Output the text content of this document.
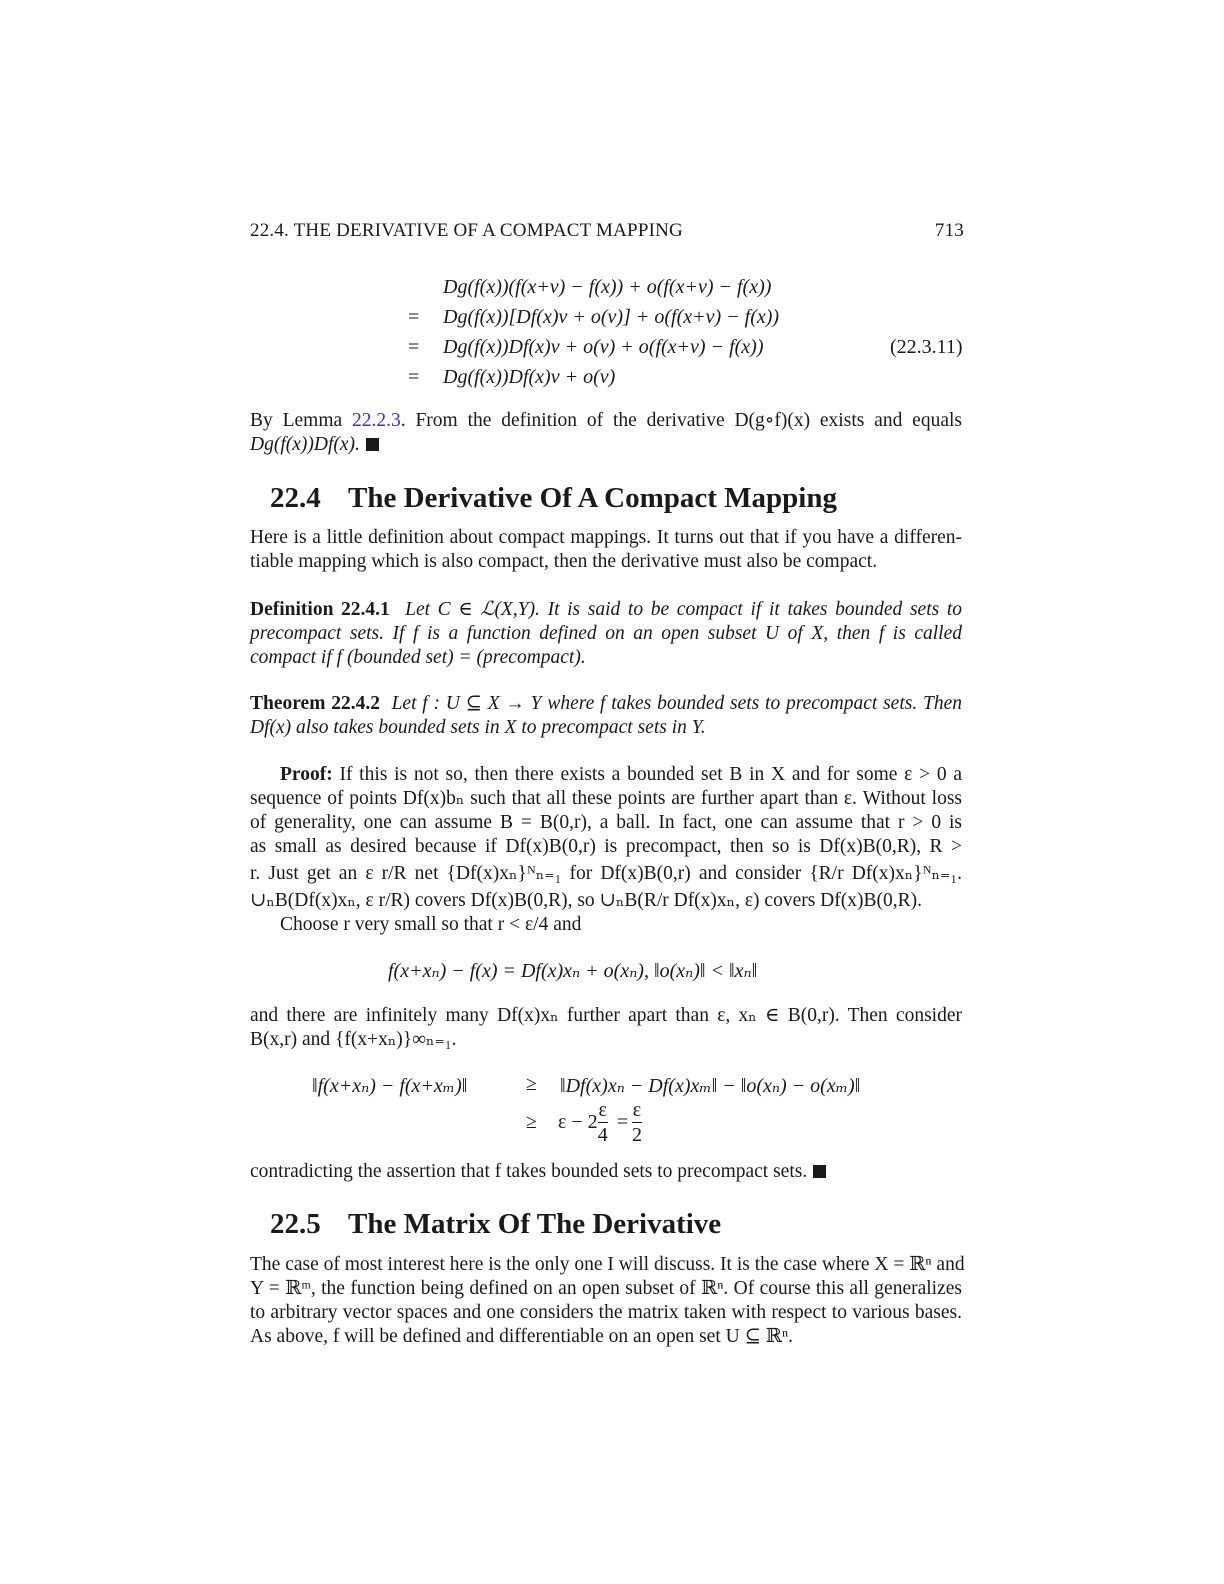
22.4. THE DERIVATIVE OF A COMPACT MAPPING	713
Dg(f(x))(f(x+v) − f(x)) + o(f(x+v) − f(x))
= Dg(f(x))[Df(x)v + o(v)] + o(f(x+v) − f(x))
= Dg(f(x))Df(x)v + o(v) + o(f(x+v) − f(x))	(22.3.11)
= Dg(f(x))Df(x)v + o(v)
By Lemma 22.2.3. From the definition of the derivative D(g∘f)(x) exists and equals
Dg(f(x))Df(x).
22.4 The Derivative Of A Compact Mapping
Here is a little definition about compact mappings. It turns out that if you have a differen-
tiable mapping which is also compact, then the derivative must also be compact.
Definition 22.4.1 Let C ∈ ℒ(X,Y). It is said to be compact if it takes bounded sets to
precompact sets. If f is a function defined on an open subset U of X, then f is called
compact if f (bounded set) = (precompact).
Theorem 22.4.2 Let f : U ⊆ X → Y where f takes bounded sets to precompact sets. Then
Df(x) also takes bounded sets in X to precompact sets in Y.
Proof: If this is not so, then there exists a bounded set B in X and for some ε > 0 a
sequence of points Df(x)bₙ such that all these points are further apart than ε. Without loss
of generality, one can assume B = B(0,r), a ball. In fact, one can assume that r > 0 is
as small as desired because if Df(x)B(0,r) is precompact, then so is Df(x)B(0,R), R >
r. Just get an ε r/R net {Df(x)xₙ}ᴺₙ₌₁ for Df(x)B(0,r) and consider {R/r Df(x)xₙ}ᴺₙ₌₁.
∪ₙB(Df(x)xₙ, ε r/R) covers Df(x)B(0,R), so ∪ₙB(R/r Df(x)xₙ, ε) covers Df(x)B(0,R).
Choose r very small so that r < ε/4 and
f(x+xₙ) − f(x) = Df(x)xₙ + o(xₙ), ‖o(xₙ)‖ < ‖xₙ‖
and there are infinitely many Df(x)xₙ further apart than ε, xₙ ∈ B(0,r). Then consider
B(x,r) and {f(x+xₙ)}∞ₙ₌₁.
‖f(x+xₙ) − f(x+xₘ)‖	≥ ‖Df(x)xₙ − Df(x)xₘ‖ − ‖o(xₙ) − o(xₘ)‖
≥ $\varepsilon - 2 \frac{\varepsilon}{4} = \frac{\varepsilon}{2}$
contradicting the assertion that f takes bounded sets to precompact sets.
22.5 The Matrix Of The Derivative
The case of most interest here is the only one I will discuss. It is the case where X = ℝⁿ and
Y = ℝᵐ, the function being defined on an open subset of ℝⁿ. Of course this all generalizes
to arbitrary vector spaces and one considers the matrix taken with respect to various bases.
As above, f will be defined and differentiable on an open set U ⊆ ℝⁿ.
